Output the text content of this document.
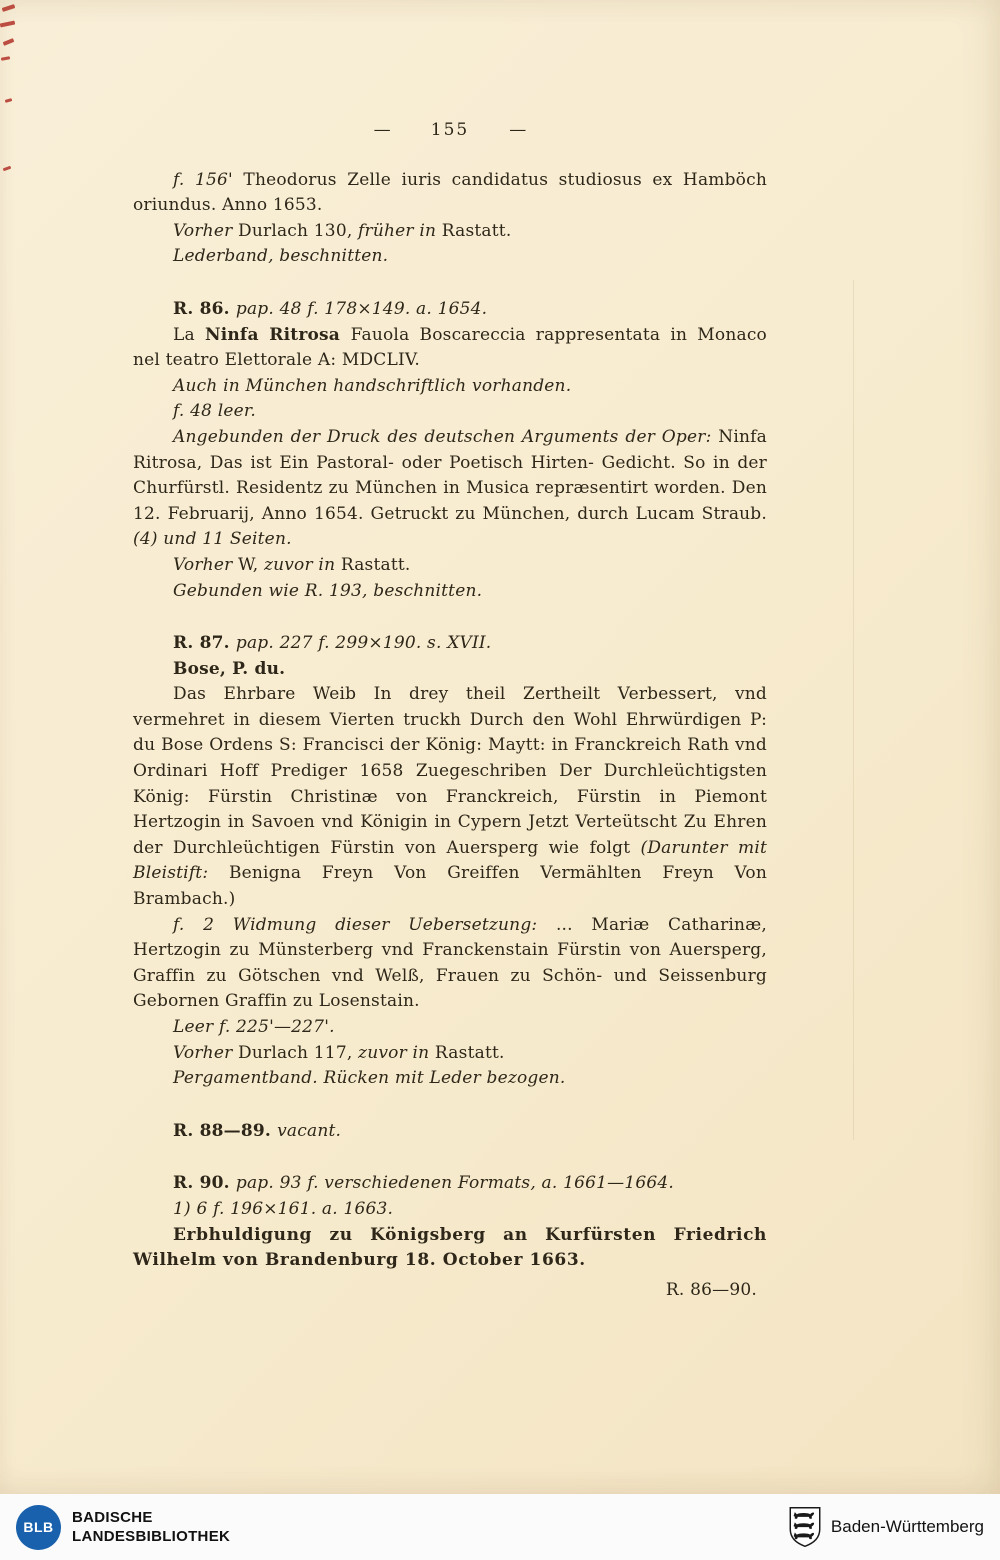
— 155 —

f. 156' Theodorus Zelle iuris candidatus studiosus ex Hamböch oriundus. Anno 1653.

Vorher Durlach 130, früher in Rastatt.

Lederband, beschnitten.

R. 86. pap. 48 f. 178×149. a. 1654.

La Ninfa Ritrosa Fauola Boscareccia rappresentata in Monaco nel teatro Elettorale A: MDCLIV.

Auch in München handschriftlich vorhanden.

f. 48 leer.

Angebunden der Druck des deutschen Arguments der Oper: Ninfa Ritrosa, Das ist Ein Pastoral- oder Poetisch Hirten- Gedicht. So in der Churfürstl. Residentz zu München in Musica repræsentirt worden. Den 12. Februarij, Anno 1654. Getruckt zu München, durch Lucam Straub. (4) und 11 Seiten.

Vorher W, zuvor in Rastatt.

Gebunden wie R. 193, beschnitten.

R. 87. pap. 227 f. 299×190. s. XVII.

Bose, P. du.

Das Ehrbare Weib In drey theil Zertheilt Verbessert, vnd vermehret in diesem Vierten truckh Durch den Wohl Ehrwürdigen P: du Bose Ordens S: Francisci der König: Maytt: in Franckreich Rath vnd Ordinari Hoff Prediger 1658 Zuegeschriben Der Durchleüchtigsten König: Fürstin Christinæ von Franckreich, Fürstin in Piemont Hertzogin in Savoen vnd Königin in Cypern Jetzt Verteütscht Zu Ehren der Durchleüchtigen Fürstin von Auersperg wie folgt (Darunter mit Bleistift: Benigna Freyn Von Greiffen Vermählten Freyn Von Brambach.)

f. 2 Widmung dieser Uebersetzung: ... Mariæ Catharinæ, Hertzogin zu Münsterberg vnd Franckenstain Fürstin von Auersperg, Graffin zu Götschen vnd Welß, Frauen zu Schön- und Seissenburg Gebornen Graffin zu Losenstain.

Leer f. 225'—227'.

Vorher Durlach 117, zuvor in Rastatt.

Pergamentband. Rücken mit Leder bezogen.

R. 88—89. vacant.

R. 90. pap. 93 f. verschiedenen Formats, a. 1661—1664.

1) 6 f. 196×161. a. 1663.

Erbhuldigung zu Königsberg an Kurfürsten Friedrich Wilhelm von Brandenburg 18. October 1663.

R. 86—90.

BLB
BADISCHE
LANDESBIBLIOTHEK
Baden-Württemberg
